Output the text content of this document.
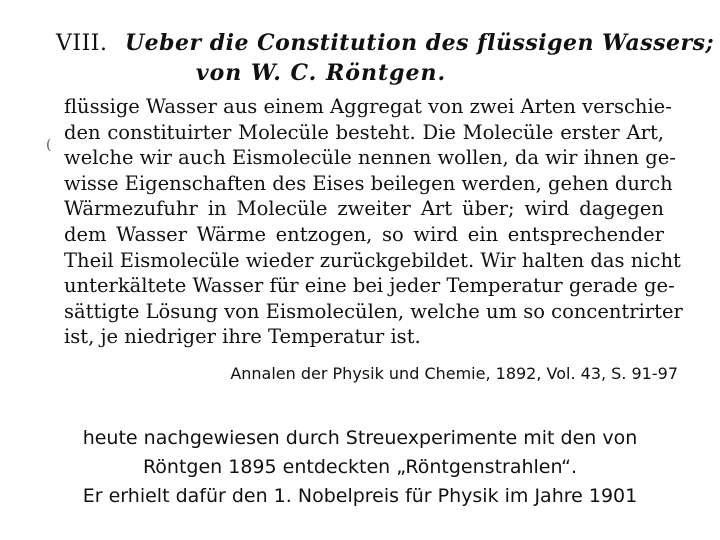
VIII. Ueber die Constitution des flüssigen Wassers;
von W. C. Röntgen.
(
flüssige Wasser aus einem Aggregat von zwei Arten verschie-
den constituirter Molecüle besteht. Die Molecüle erster Art,
welche wir auch Eismolecüle nennen wollen, da wir ihnen ge-
wisse Eigenschaften des Eises beilegen werden, gehen durch
Wärmezufuhr in Molecüle zweiter Art über; wird dagegen
dem Wasser Wärme entzogen, so wird ein entsprechender
Theil Eismolecüle wieder zurückgebildet. Wir halten das nicht
unterkältete Wasser für eine bei jeder Temperatur gerade ge-
sättigte Lösung von Eismolecülen, welche um so concentrirter
ist, je niedriger ihre Temperatur ist.
Annalen der Physik und Chemie, 1892, Vol. 43, S. 91-97
heute nachgewiesen durch Streuexperimente mit den von
Röntgen 1895 entdeckten „Röntgenstrahlen“.
Er erhielt dafür den 1. Nobelpreis für Physik im Jahre 1901
